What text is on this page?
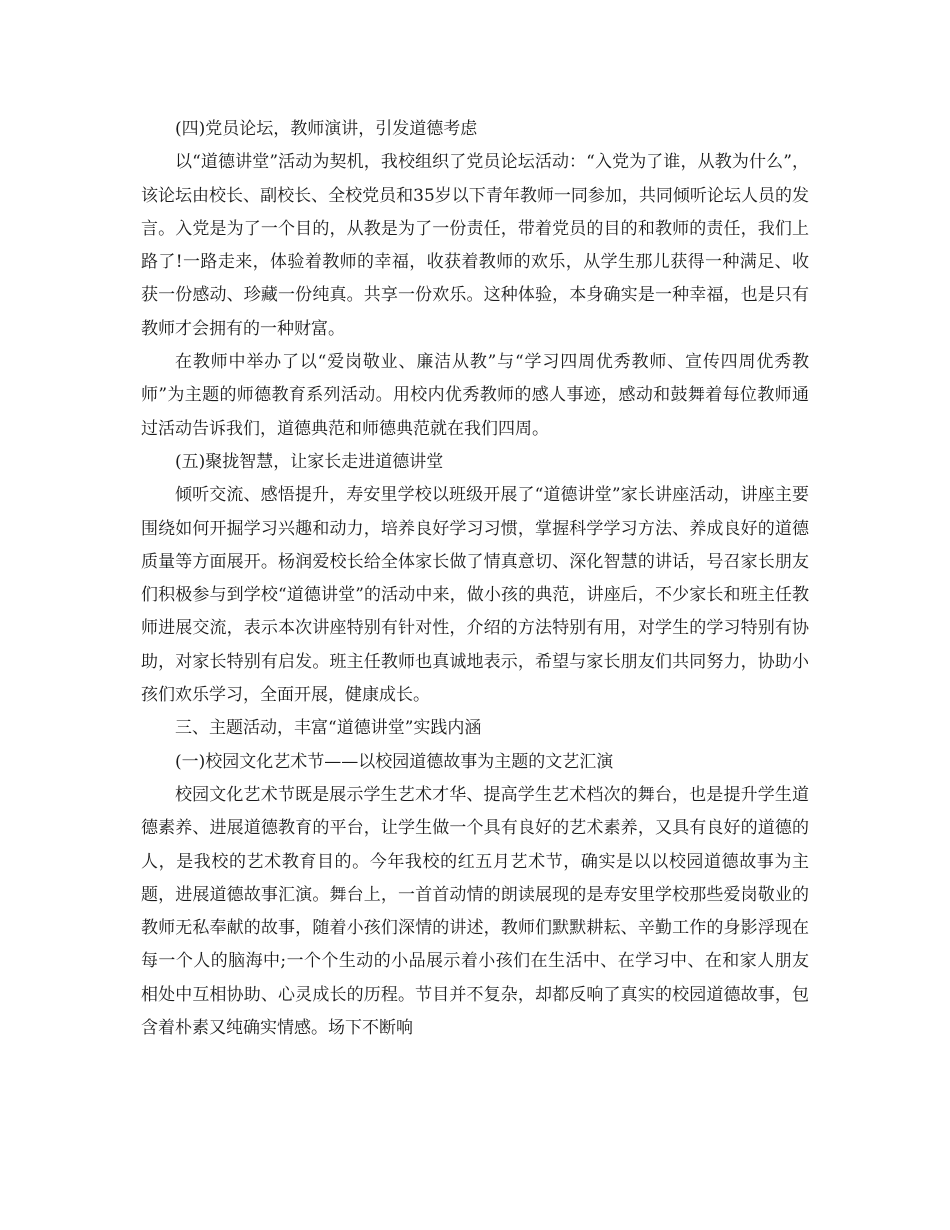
(四)党员论坛，教师演讲，引发道德考虑

以“道德讲堂”活动为契机，我校组织了党员论坛活动：“入党为了谁，从教为什么”，该论坛由校长、副校长、全校党员和35岁以下青年教师一同参加，共同倾听论坛人员的发言。入党是为了一个目的，从教是为了一份责任，带着党员的目的和教师的责任，我们上路了!一路走来，体验着教师的幸福，收获着教师的欢乐，从学生那儿获得一种满足、收获一份感动、珍藏一份纯真。共享一份欢乐。这种体验，本身确实是一种幸福，也是只有教师才会拥有的一种财富。

在教师中举办了以“爱岗敬业、廉洁从教”与“学习四周优秀教师、宣传四周优秀教师”为主题的师德教育系列活动。用校内优秀教师的感人事迹，感动和鼓舞着每位教师通过活动告诉我们，道德典范和师德典范就在我们四周。

(五)聚拢智慧，让家长走进道德讲堂

倾听交流、感悟提升，寿安里学校以班级开展了“道德讲堂”家长讲座活动，讲座主要围绕如何开掘学习兴趣和动力，培养良好学习习惯，掌握科学学习方法、养成良好的道德质量等方面展开。杨润爱校长给全体家长做了情真意切、深化智慧的讲话，号召家长朋友们积极参与到学校“道德讲堂”的活动中来，做小孩的典范，讲座后，不少家长和班主任教师进展交流，表示本次讲座特别有针对性，介绍的方法特别有用，对学生的学习特别有协助，对家长特别有启发。班主任教师也真诚地表示，希望与家长朋友们共同努力，协助小孩们欢乐学习，全面开展，健康成长。

三、主题活动，丰富“道德讲堂”实践内涵

(一)校园文化艺术节——以校园道德故事为主题的文艺汇演

校园文化艺术节既是展示学生艺术才华、提高学生艺术档次的舞台，也是提升学生道德素养、进展道德教育的平台，让学生做一个具有良好的艺术素养，又具有良好的道德的人，是我校的艺术教育目的。今年我校的红五月艺术节，确实是以以校园道德故事为主题，进展道德故事汇演。舞台上，一首首动情的朗读展现的是寿安里学校那些爱岗敬业的教师无私奉献的故事，随着小孩们深情的讲述，教师们默默耕耘、辛勤工作的身影浮现在每一个人的脑海中;一个个生动的小品展示着小孩们在生活中、在学习中、在和家人朋友相处中互相协助、心灵成长的历程。节目并不复杂，却都反响了真实的校园道德故事，包含着朴素又纯确实情感。场下不断响
